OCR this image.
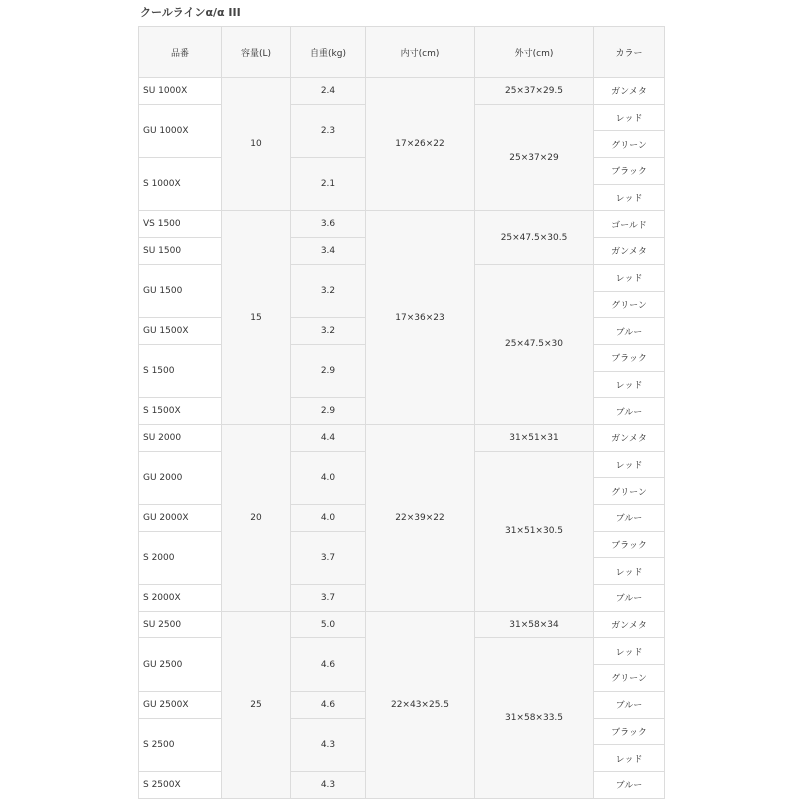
クールラインα/α III
品番	容量(L)	自重(kg)	内寸(cm)	外寸(cm)	カラー
SU 1000X	10	2.4	17×26×22	25×37×29.5	ガンメタ
GU 1000X		2.3		25×37×29	レッド
					グリーン
S 1000X		2.1			ブラック
					レッド
VS 1500	15	3.6	17×36×23	25×47.5×30.5	ゴールド
SU 1500		3.4			ガンメタ
GU 1500		3.2		25×47.5×30	レッド
					グリーン
GU 1500X		3.2			ブルー
S 1500		2.9			ブラック
					レッド
S 1500X		2.9			ブルー
SU 2000	20	4.4	22×39×22	31×51×31	ガンメタ
GU 2000		4.0		31×51×30.5	レッド
					グリーン
GU 2000X		4.0			ブルー
S 2000		3.7			ブラック
					レッド
S 2000X		3.7			ブルー
SU 2500	25	5.0	22×43×25.5	31×58×34	ガンメタ
GU 2500		4.6		31×58×33.5	レッド
					グリーン
GU 2500X		4.6			ブルー
S 2500		4.3			ブラック
					レッド
S 2500X		4.3			ブルー
